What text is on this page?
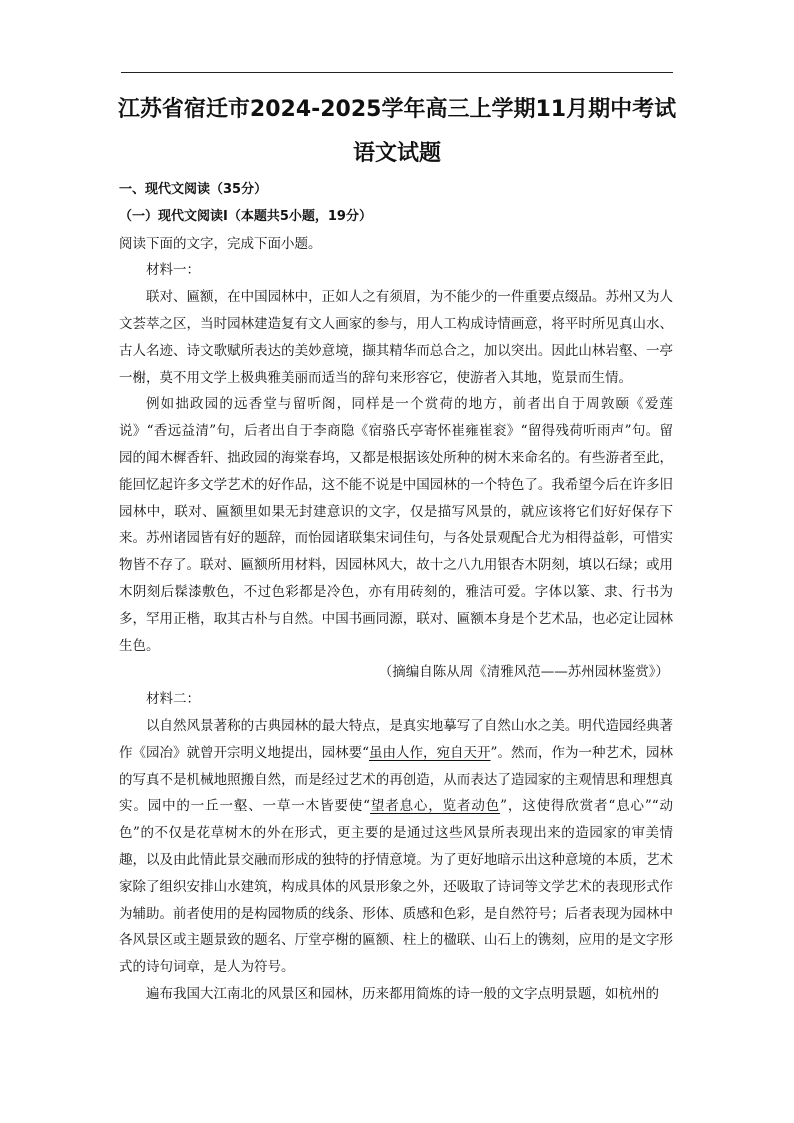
江苏省宿迁市2024-2025学年高三上学期11月期中考试
语文试题

一、现代文阅读（35分）

（一）现代文阅读Ⅰ（本题共5小题，19分）

阅读下面的文字，完成下面小题。

材料一：

联对、匾额，在中国园林中，正如人之有须眉，为不能少的一件重要点缀品。苏州又为人文荟萃之区，当时园林建造复有文人画家的参与，用人工构成诗情画意，将平时所见真山水、古人名迹、诗文歌赋所表达的美妙意境，撷其精华而总合之，加以突出。因此山林岩壑、一亭一榭，莫不用文学上极典雅美丽而适当的辞句来形容它，使游者入其地，览景而生情。

例如拙政园的远香堂与留听阁，同样是一个赏荷的地方，前者出自于周敦颐《爱莲说》“香远益清”句，后者出自于李商隐《宿骆氏亭寄怀崔雍崔衮》“留得残荷听雨声”句。留园的闻木樨香轩、拙政园的海棠春坞，又都是根据该处所种的树木来命名的。有些游者至此，能回忆起许多文学艺术的好作品，这不能不说是中国园林的一个特色了。我希望今后在许多旧园林中，联对、匾额里如果无封建意识的文字，仅是描写风景的，就应该将它们好好保存下来。苏州诸园皆有好的题辞，而怡园诸联集宋词佳句，与各处景观配合尤为相得益彰，可惜实物皆不存了。联对、匾额所用材料，因园林风大，故十之八九用银杏木阴刻，填以石绿；或用木阴刻后髹漆敷色，不过色彩都是冷色，亦有用砖刻的，雅洁可爱。字体以篆、隶、行书为多，罕用正楷，取其古朴与自然。中国书画同源，联对、匾额本身是个艺术品，也必定让园林生色。

（摘编自陈从周《清雅风范——苏州园林鉴赏》）

材料二：

以自然风景著称的古典园林的最大特点，是真实地摹写了自然山水之美。明代造园经典著作《园冶》就曾开宗明义地提出，园林要“虽由人作，宛自天开”。然而，作为一种艺术，园林的写真不是机械地照搬自然，而是经过艺术的再创造，从而表达了造园家的主观情思和理想真实。园中的一丘一壑、一草一木皆要使“望者息心，览者动色”，这使得欣赏者“息心”“动色”的不仅是花草树木的外在形式，更主要的是通过这些风景所表现出来的造园家的审美情趣，以及由此情此景交融而形成的独特的抒情意境。为了更好地暗示出这种意境的本质，艺术家除了组织安排山水建筑，构成具体的风景形象之外，还吸取了诗词等文学艺术的表现形式作为辅助。前者使用的是构园物质的线条、形体、质感和色彩，是自然符号；后者表现为园林中各风景区或主题景致的题名、厅堂亭榭的匾额、柱上的楹联、山石上的镌刻，应用的是文字形式的诗句词章，是人为符号。

遍布我国大江南北的风景区和园林，历来都用简炼的诗一般的文字点明景题，如杭州的
